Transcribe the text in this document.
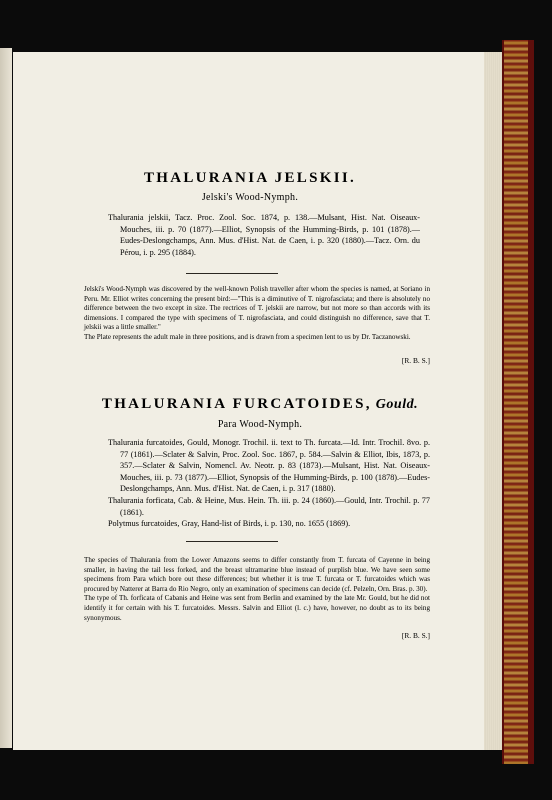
THALURANIA JELSKII.
Jelski's Wood-Nymph.

Thalurania jelskii, Tacz. Proc. Zool. Soc. 1874, p. 138.—Mulsant, Hist. Nat. Oiseaux-Mouches, iii. p. 70 (1877).—Elliot, Synopsis of the Humming-Birds, p. 101 (1878).—Eudes-Deslongchamps, Ann. Mus. d'Hist. Nat. de Caen, i. p. 320 (1880).—Tacz. Orn. du Pérou, i. p. 295 (1884).

Jelski's Wood-Nymph was discovered by the well-known Polish traveller after whom the species is named, at Soriano in Peru. Mr. Elliot writes concerning the present bird:—"This is a diminutive of T. nigrofasciata; and there is absolutely no difference between the two except in size. The rectrices of T. jelskii are narrow, but not more so than accords with its dimensions. I compared the type with specimens of T. nigrofasciata, and could distinguish no difference, save that T. jelskii was a little smaller."

The Plate represents the adult male in three positions, and is drawn from a specimen lent to us by Dr. Taczanowski.

[R. B. S.]
THALURANIA FURCATOIDES, Gould.
Para Wood-Nymph.

Thalurania furcatoides, Gould, Monogr. Trochil. ii. text to Th. furcata.—Id. Intr. Trochil. 8vo. p. 77 (1861).—Sclater & Salvin, Proc. Zool. Soc. 1867, p. 584.—Salvin & Elliot, Ibis, 1873, p. 357.—Sclater & Salvin, Nomencl. Av. Neotr. p. 83 (1873).—Mulsant, Hist. Nat. Oiseaux-Mouches, iii. p. 73 (1877).—Elliot, Synopsis of the Humming-Birds, p. 100 (1878).—Eudes-Deslongchamps, Ann. Mus. d'Hist. Nat. de Caen, i. p. 317 (1880).

Thalurania forficata, Cab. & Heine, Mus. Hein. Th. iii. p. 24 (1860).—Gould, Intr. Trochil. p. 77 (1861).

Polytmus furcatoides, Gray, Hand-list of Birds, i. p. 130, no. 1655 (1869).

The species of Thalurania from the Lower Amazons seems to differ constantly from T. furcata of Cayenne in being smaller, in having the tail less forked, and the breast ultramarine blue instead of purplish blue. We have seen some specimens from Para which bore out these differences; but whether it is true T. furcata or T. furcatoides which was procured by Natterer at Barra do Rio Negro, only an examination of specimens can decide (cf. Pelzeln, Orn. Bras. p. 30).

The type of Th. forficata of Cabanis and Heine was sent from Berlin and examined by the late Mr. Gould, but he did not identify it for certain with his T. furcatoides. Messrs. Salvin and Elliot (l. c.) have, however, no doubt as to its being synonymous.

[R. B. S.]
